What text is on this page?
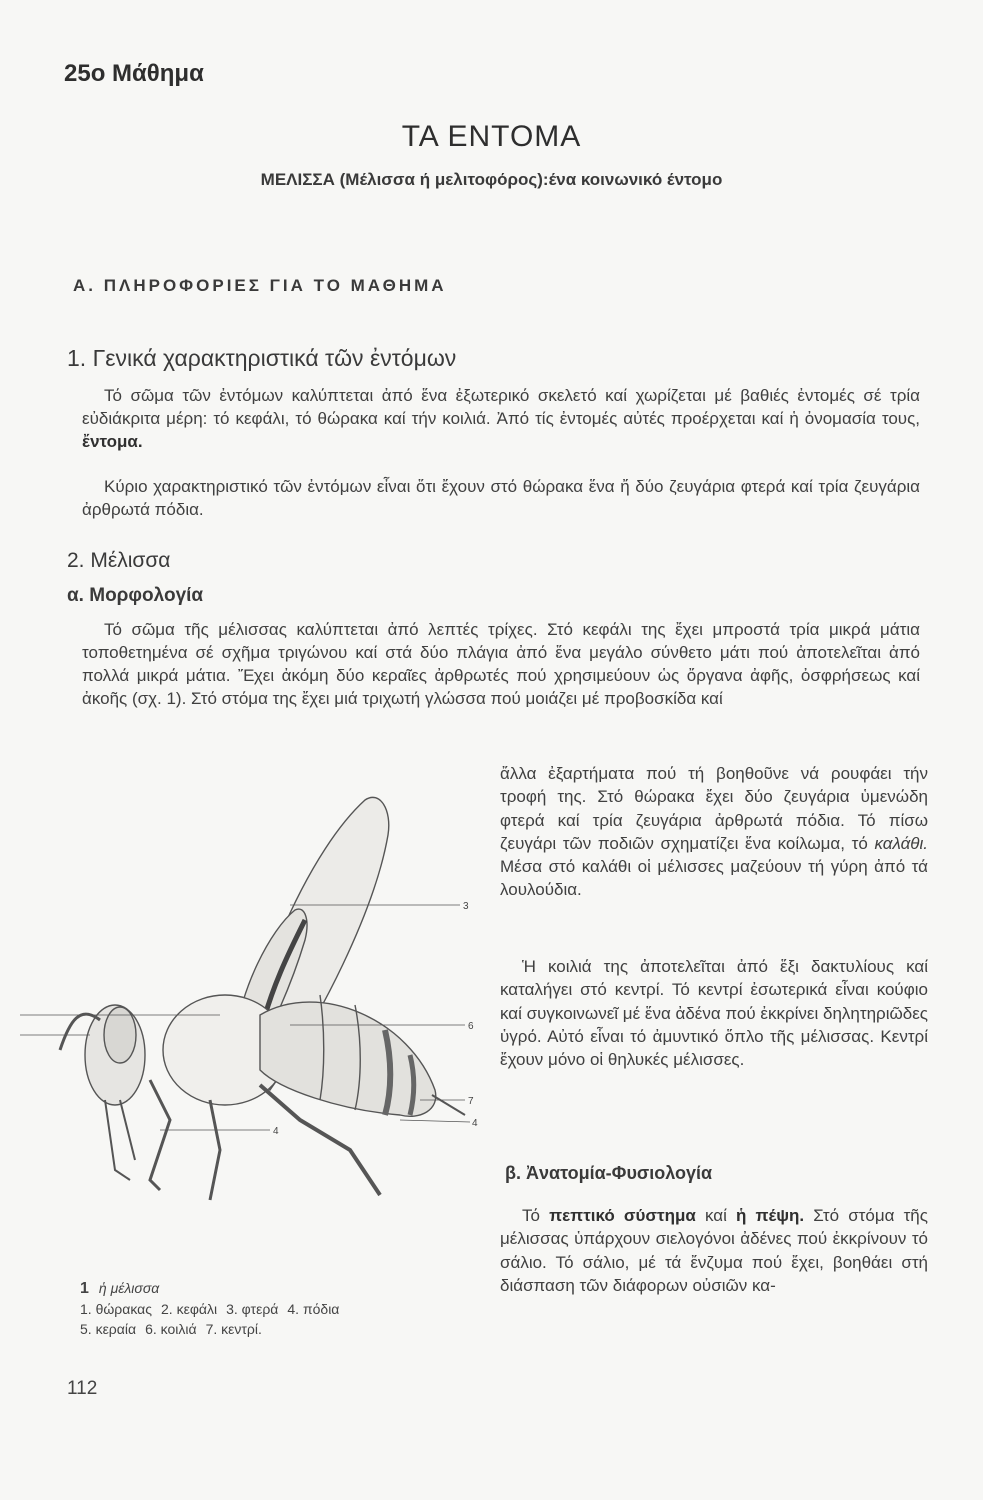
25ο Μάθημα
ΤΑ ΕΝΤΟΜΑ
ΜΕΛΙΣΣΑ (Μέλισσα ή μελιτοφόρος):ένα κοινωνικό έντομο
Α. ΠΛΗΡΟΦΟΡΙΕΣ ΓΙΑ ΤΟ ΜΑΘΗΜΑ
1. Γενικά χαρακτηριστικά τῶν ἐντόμων
Τό σῶμα τῶν ἐντόμων καλύπτεται ἀπό ἕνα ἐξωτερικό σκελετό καί χωρίζεται μέ βαθιές ἐντομές σέ τρία εὐδιάκριτα μέρη: τό κεφάλι, τό θώρακα καί τήν κοιλιά. Ἀπό τίς ἐντομές αὐτές προέρχεται καί ἡ ὀνομασία τους, ἔντομα.
Κύριο χαρακτηριστικό τῶν ἐντόμων εἶναι ὅτι ἔχουν στό θώρακα ἕνα ἤ δύο ζευγάρια φτερά καί τρία ζευγάρια ἀρθρωτά πόδια.
2. Μέλισσα
α. Μορφολογία
Τό σῶμα τῆς μέλισσας καλύπτεται ἀπό λεπτές τρίχες. Στό κεφάλι της ἔχει μπροστά τρία μικρά μάτια τοποθετημένα σέ σχῆμα τριγώνου καί στά δύο πλάγια ἀπό ἕνα μεγάλο σύνθετο μάτι πού ἀποτελεῖται ἀπό πολλά μικρά μάτια. Ἔχει ἀκόμη δύο κεραῖες ἀρθρωτές πού χρησιμεύουν ὡς ὄργανα ἀφῆς, ὀσφρήσεως καί ἀκοῆς (σχ. 1). Στό στόμα της ἔχει μιά τριχωτή γλώσσα πού μοιάζει μέ προβοσκίδα καί
ἄλλα ἐξαρτήματα πού τή βοηθοῦνε νά ρουφάει τήν τροφή της. Στό θώρακα ἔχει δύο ζευγάρια ὑμενώδη φτερά καί τρία ζευγάρια ἀρθρωτά πόδια. Τό πίσω ζευγάρι τῶν ποδιῶν σχηματίζει ἕνα κοίλωμα, τό καλάθι. Μέσα στό καλάθι οἱ μέλισσες μαζεύουν τή γύρη ἀπό τά λουλούδια.
Ἡ κοιλιά της ἀποτελεῖται ἀπό ἕξι δακτυλίους καί καταλήγει στό κεντρί. Τό κεντρί ἐσωτερικά εἶναι κούφιο καί συγκοινωνεῖ μέ ἕνα ἀδένα πού ἐκκρίνει δηλητηριῶδες ὑγρό. Αὐτό εἶναι τό ἀμυντικό ὅπλο τῆς μέλισσας. Κεντρί ἔχουν μόνο οἱ θηλυκές μέλισσες.
β. Ἀνατομία-Φυσιολογία
Τό πεπτικό σύστημα καί ἡ πέψη. Στό στόμα τῆς μέλισσας ὑπάρχουν σιελογόνοι ἀδένες πού ἐκκρίνουν τό σάλιο. Τό σάλιο, μέ τά ἔνζυμα πού ἔχει, βοηθάει στή διάσπαση τῶν διάφορων οὐσιῶν κα-
3
6
7
4
4
1 ἡ μέλισσα
1. θώρακας 2. κεφάλι 3. φτερά 4. πόδια
5. κεραία 6. κοιλιά 7. κεντρί.
112
